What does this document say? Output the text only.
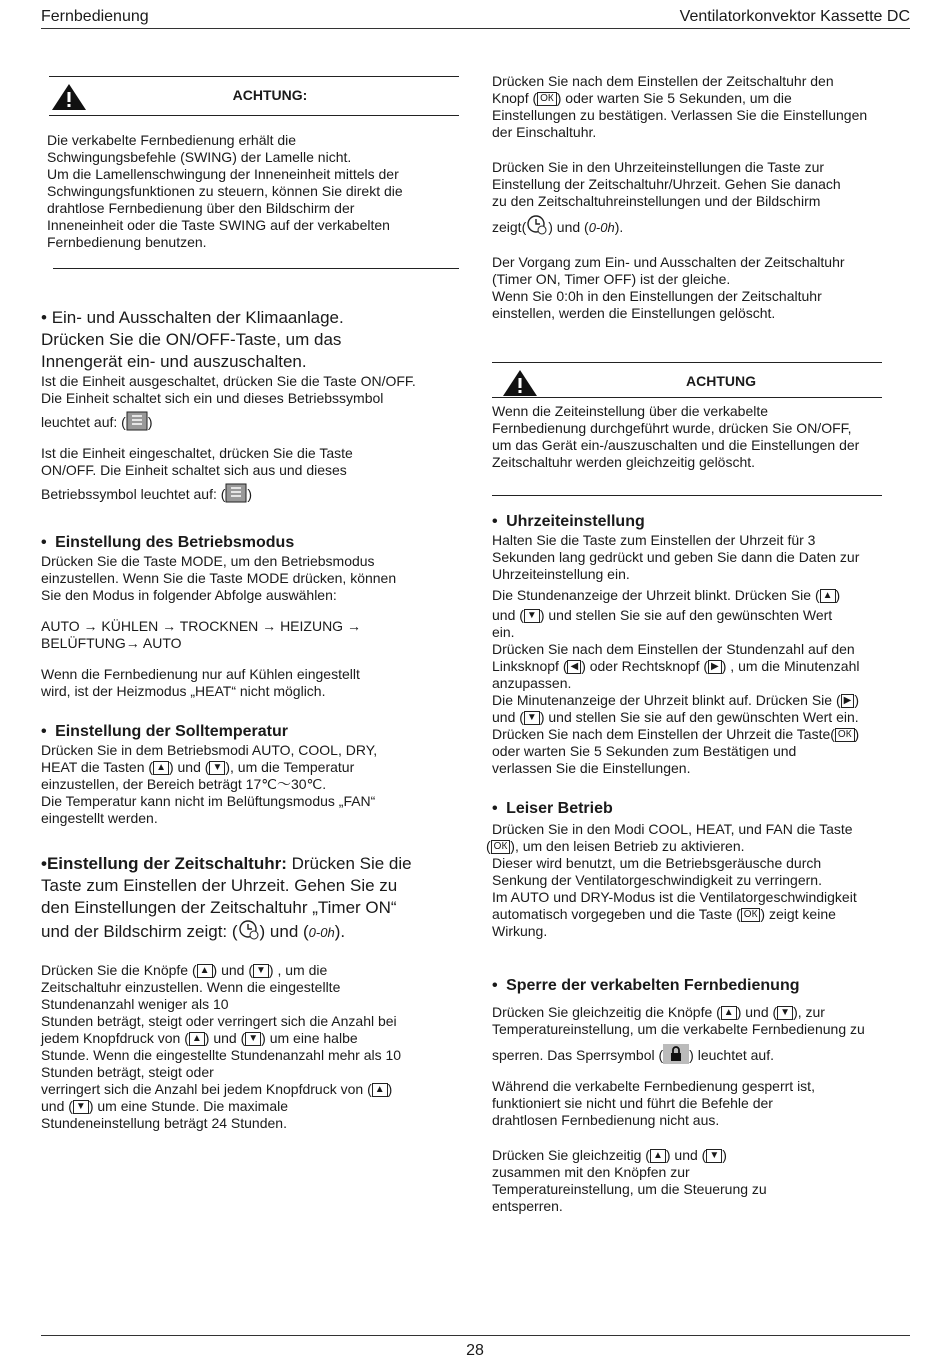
Fernbedienung	Ventilatorkonvektor Kassette DC
ACHTUNG:

Die verkabelte Fernbedienung erhält die

Schwingungsbefehle (SWING) der Lamelle nicht.

Um die Lamellenschwingung der Inneneinheit mittels der

Schwingungsfunktionen zu steuern, können Sie direkt die

drahtlose Fernbedienung über den Bildschirm der

Inneneinheit oder die Taste SWING auf der verkabelten

Fernbedienung benutzen.

• Ein- und Ausschalten der Klimaanlage.

Drücken Sie die ON/OFF-Taste, um das

Innengerät ein- und auszuschalten.

Ist die Einheit ausgeschaltet, drücken Sie die Taste ON/OFF.

Die Einheit schaltet sich ein und dieses Betriebssymbol

leuchtet auf: ( )

Ist die Einheit eingeschaltet, drücken Sie die Taste

ON/OFF. Die Einheit schaltet sich aus und dieses

Betriebssymbol leuchtet auf: ( )

• Einstellung des Betriebsmodus

Drücken Sie die Taste MODE, um den Betriebsmodus

einzustellen. Wenn Sie die Taste MODE drücken, können

Sie den Modus in folgender Abfolge auswählen:

AUTO → KÜHLEN → TROCKNEN → HEIZUNG →

BELÜFTUNG→ AUTO

Wenn die Fernbedienung nur auf Kühlen eingestellt

wird, ist der Heizmodus „HEAT“ nicht möglich.

• Einstellung der Solltemperatur

Drücken Sie in dem Betriebsmodi AUTO, COOL, DRY,

HEAT die Tasten ( ▲ ) und ( ▼ ), um die Temperatur

einzustellen, der Bereich beträgt 17℃～30℃.

Die Temperatur kann nicht im Belüftungsmodus „FAN“

eingestellt werden.

•Einstellung der Zeitschaltuhr: Drücken Sie die

Taste zum Einstellen der Uhrzeit. Gehen Sie zu

den Einstellungen der Zeitschaltuhr „Timer ON“

und der Bildschirm zeigt: ( ) und (0-0h).

Drücken Sie die Knöpfe ( ▲ ) und ( ▼ ) , um die

Zeitschaltuhr einzustellen. Wenn die eingestellte

Stundenanzahl weniger als 10

Stunden beträgt, steigt oder verringert sich die Anzahl bei

jedem Knopfdruck von ( ▲ ) und ( ▼ ) um eine halbe

Stunde. Wenn die eingestellte Stundenanzahl mehr als 10

Stunden beträgt, steigt oder

verringert sich die Anzahl bei jedem Knopfdruck von ( ▲ )

und ( ▼ ) um eine Stunde. Die maximale

Stundeneinstellung beträgt 24 Stunden.

Drücken Sie nach dem Einstellen der Zeitschaltuhr den

Knopf ( ОК ) oder warten Sie 5 Sekunden, um die

Einstellungen zu bestätigen. Verlassen Sie die Einstellungen

der Einschaltuhr.

Drücken Sie in den Uhrzeiteinstellungen die Taste zur

Einstellung der Zeitschaltuhr/Uhrzeit. Gehen Sie danach

zu den Zeitschaltuhreinstellungen und der Bildschirm

zeigt( ) und (0-0h).

Der Vorgang zum Ein- und Ausschalten der Zeitschaltuhr

(Timer ON, Timer OFF) ist der gleiche.

Wenn Sie 0:0h in den Einstellungen der Zeitschaltuhr

einstellen, werden die Einstellungen gelöscht.

ACHTUNG

Wenn die Zeiteinstellung über die verkabelte

Fernbedienung durchgeführt wurde, drücken Sie ON/OFF,

um das Gerät ein-/auszuschalten und die Einstellungen der

Zeitschaltuhr werden gleichzeitig gelöscht.

• Uhrzeiteinstellung

Halten Sie die Taste zum Einstellen der Uhrzeit für 3

Sekunden lang gedrückt und geben Sie dann die Daten zur

Uhrzeiteinstellung ein.

Die Stundenanzeige der Uhrzeit blinkt. Drücken Sie ( ▲ )

und ( ▼ ) und stellen Sie sie auf den gewünschten Wert

ein.

Drücken Sie nach dem Einstellen der Stundenzahl auf den

Linksknopf ( ◀ ) oder Rechtsknopf ( ▶ ) , um die Minutenzahl

anzupassen.

Die Minutenanzeige der Uhrzeit blinkt auf. Drücken Sie ( ▶ )

und ( ▼ ) und stellen Sie sie auf den gewünschten Wert ein.

Drücken Sie nach dem Einstellen der Uhrzeit die Taste( ОК )

oder warten Sie 5 Sekunden zum Bestätigen und

verlassen Sie die Einstellungen.

• Leiser Betrieb

Drücken Sie in den Modi COOL, HEAT, und FAN die Taste

( ОК ), um den leisen Betrieb zu aktivieren.

Dieser wird benutzt, um die Betriebsgeräusche durch

Senkung der Ventilatorgeschwindigkeit zu verringern.

Im AUTO und DRY-Modus ist die Ventilatorgeschwindigkeit

automatisch vorgegeben und die Taste ( ОК ) zeigt keine

Wirkung.

• Sperre der verkabelten Fernbedienung

Drücken Sie gleichzeitig die Knöpfe ( ▲ ) und ( ▼ ), zur

Temperatureinstellung, um die verkabelte Fernbedienung zu

sperren. Das Sperrsymbol ( ) leuchtet auf.

Während die verkabelte Fernbedienung gesperrt ist,

funktioniert sie nicht und führt die Befehle der

drahtlosen Fernbedienung nicht aus.

Drücken Sie gleichzeitig ( ▲ ) und ( ▼ )

zusammen mit den Knöpfen zur

Temperatureinstellung, um die Steuerung zu

entsperren.

28
